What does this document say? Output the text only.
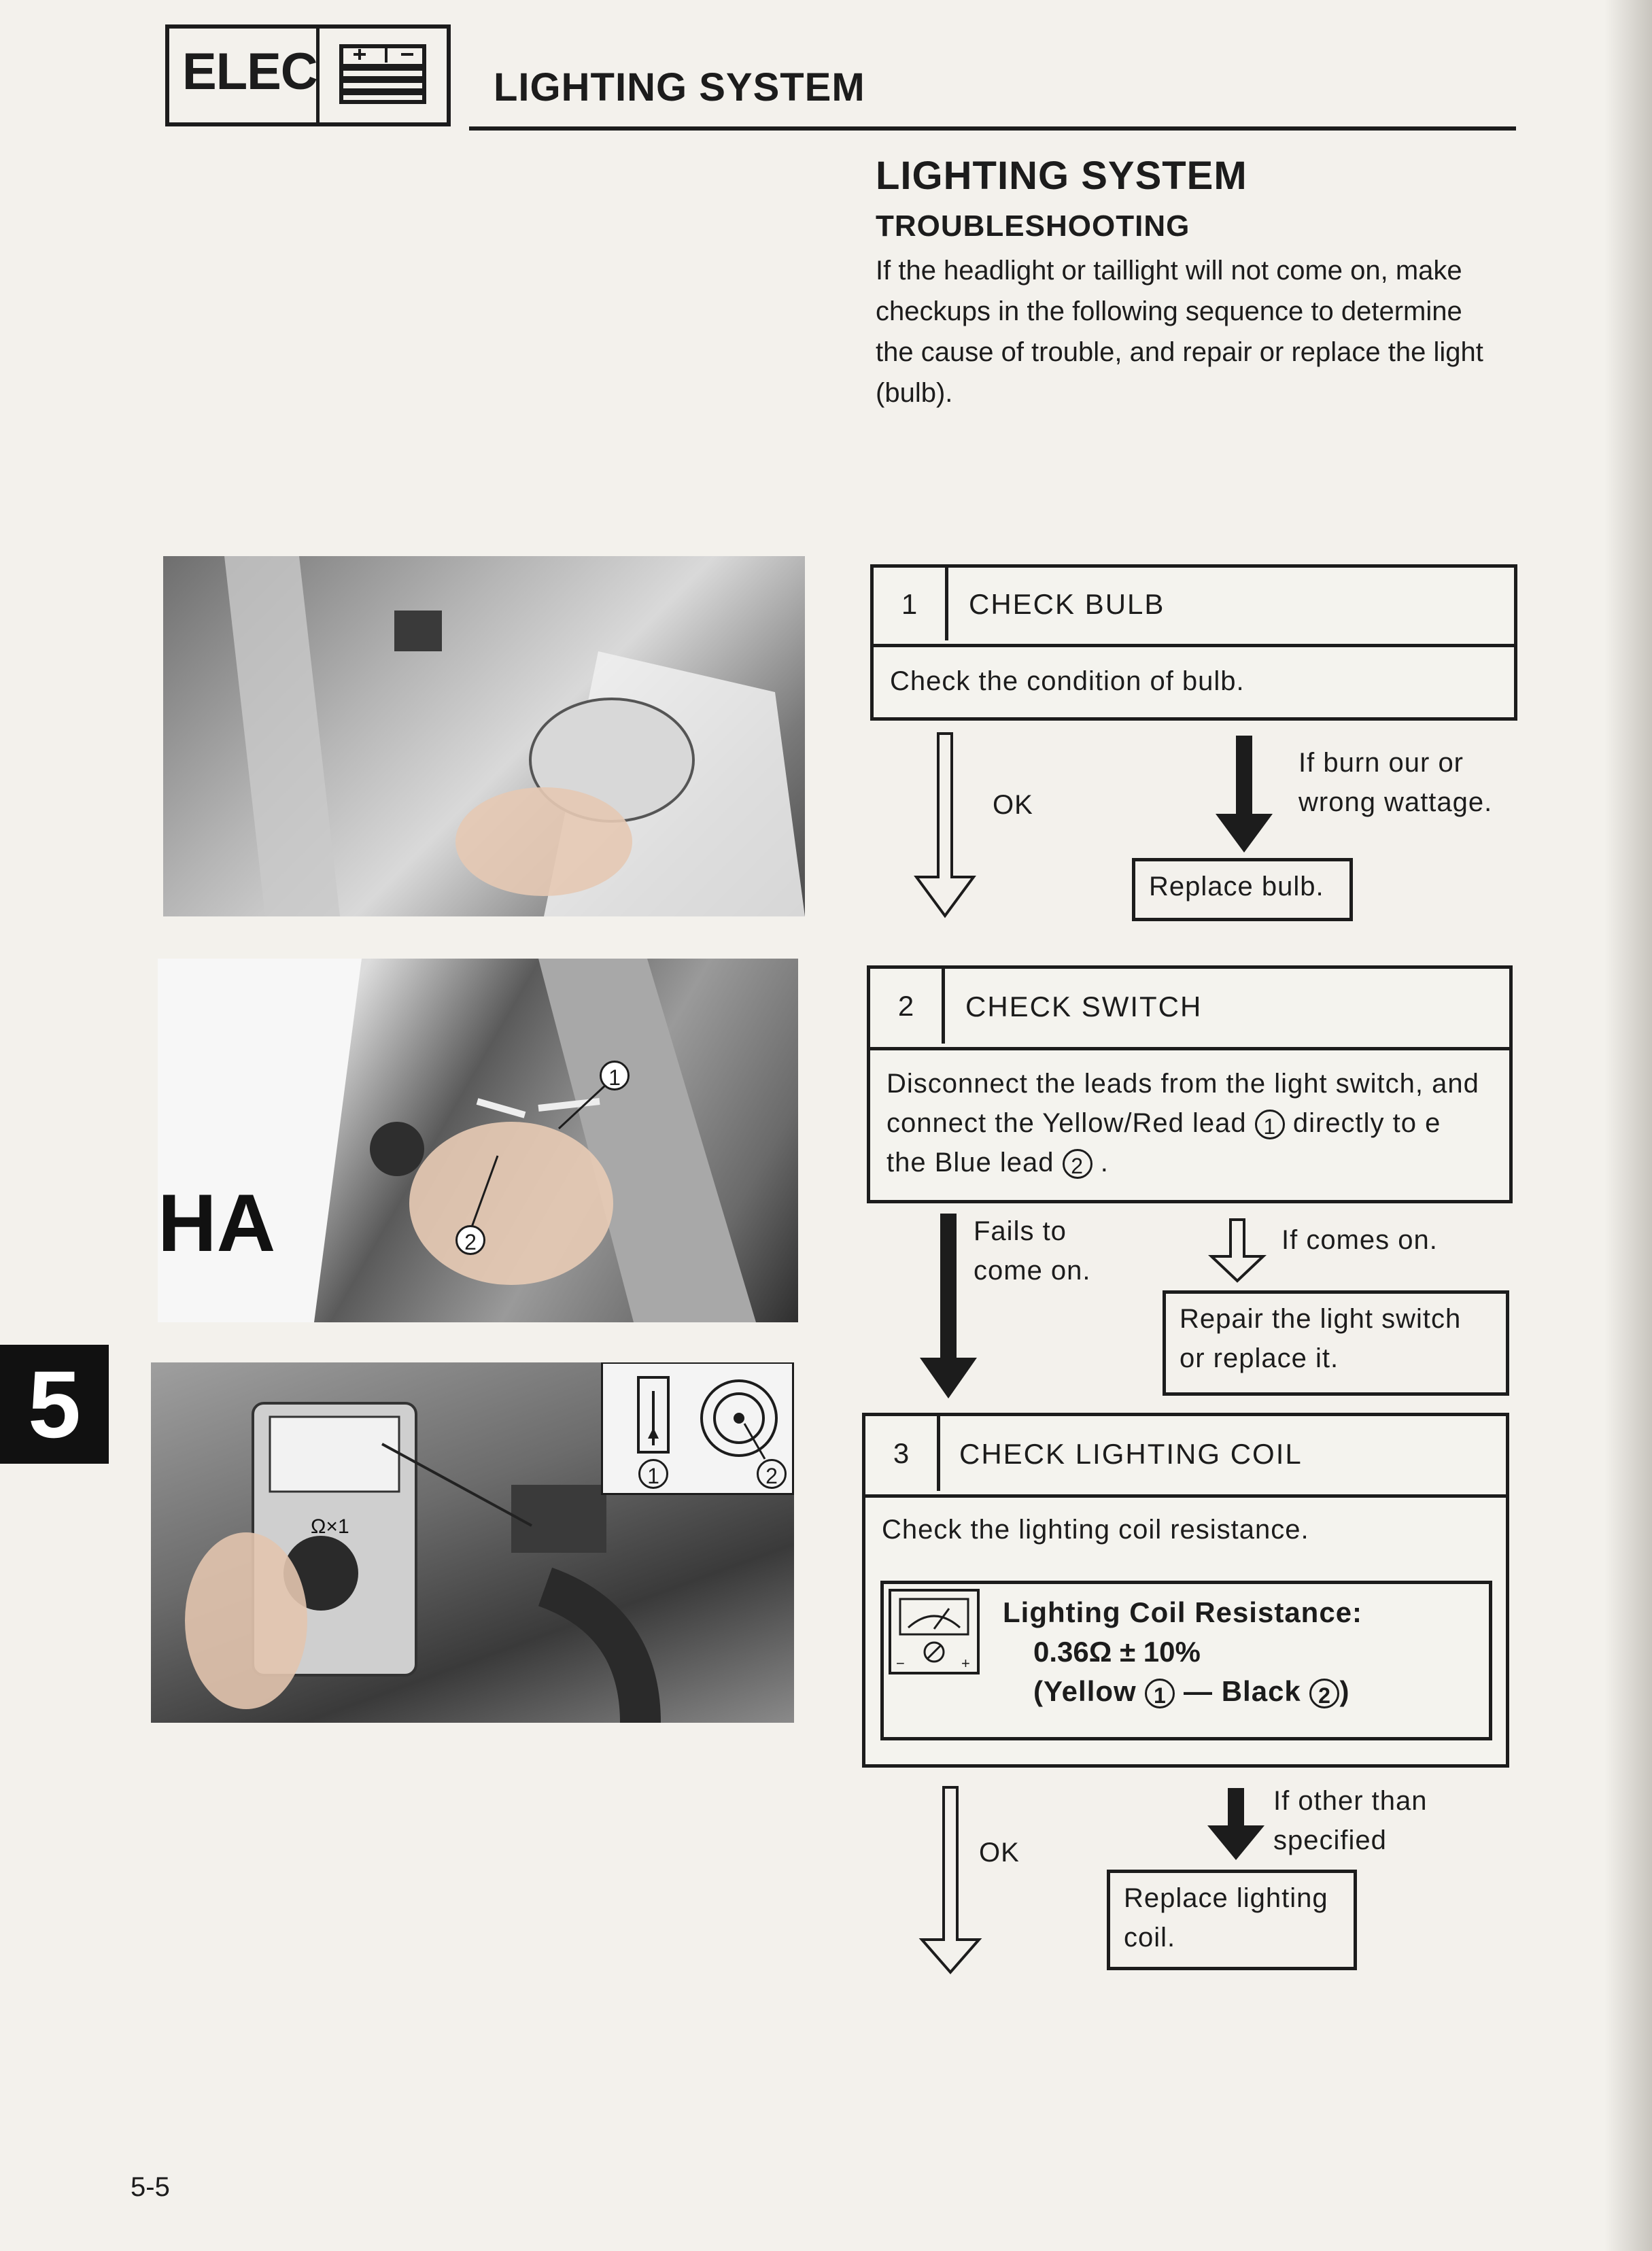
ELEC	LIGHTING SYSTEM
LIGHTING SYSTEM
TROUBLESHOOTING
If the headlight or taillight will not come on, make
checkups in the following sequence to determine
the cause of trouble, and repair or replace the light
(bulb).
HA
1
2
Ω×1
1	2
1	CHECK BULB
Check the condition of bulb.
OK
If burn our or
wrong wattage.
Replace bulb.
2	CHECK SWITCH
Disconnect the leads from the light switch, and
connect the Yellow/Red lead 1 directly to e
the Blue lead 2 .
Fails to
come on.
If comes on.
Repair the light switch
or replace it.
3	CHECK LIGHTING COIL
Check the lighting coil resistance.
−	+
Lighting Coil Resistance:
0.36Ω ± 10%
(Yellow 1 — Black 2 )
OK
If other than
specified
Replace lighting
coil.
5
5-5
